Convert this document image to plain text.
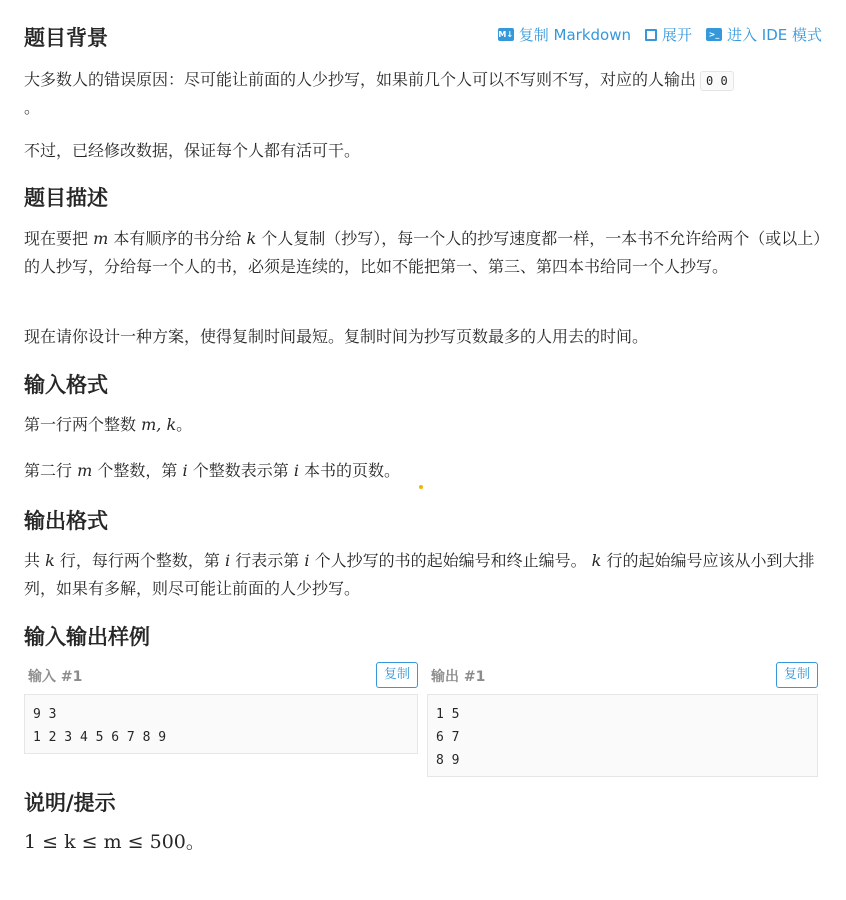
M↓ 复制 Markdown 展开	>_ 进入 IDE 模式
题目背景
大多数人的错误原因：尽可能让前面的人少抄写，如果前几个人可以不写则不写，对应的人输出 0 0
。
不过，已经修改数据，保证每个人都有活可干。
题目描述
现在要把 m 本有顺序的书分给 k 个人复制（抄写），每一个人的抄写速度都一样，一本书不允许给两个（或以上）的人抄写，分给每一个人的书，必须是连续的，比如不能把第一、第三、第四本书给同一个人抄写。
现在请你设计一种方案，使得复制时间最短。复制时间为抄写页数最多的人用去的时间。
输入格式
第一行两个整数 m, k。
第二行 m 个整数，第 i 个整数表示第 i 本书的页数。
输出格式
共 k 行，每行两个整数，第 i 行表示第 i 个人抄写的书的起始编号和终止编号。 k 行的起始编号应该从小到大排列，如果有多解，则尽可能让前面的人少抄写。
输入输出样例
输入 #1	复制
9 3
1 2 3 4 5 6 7 8 9
输出 #1	复制
1 5
6 7
8 9
说明/提示
1 ≤ k ≤ m ≤ 500。
